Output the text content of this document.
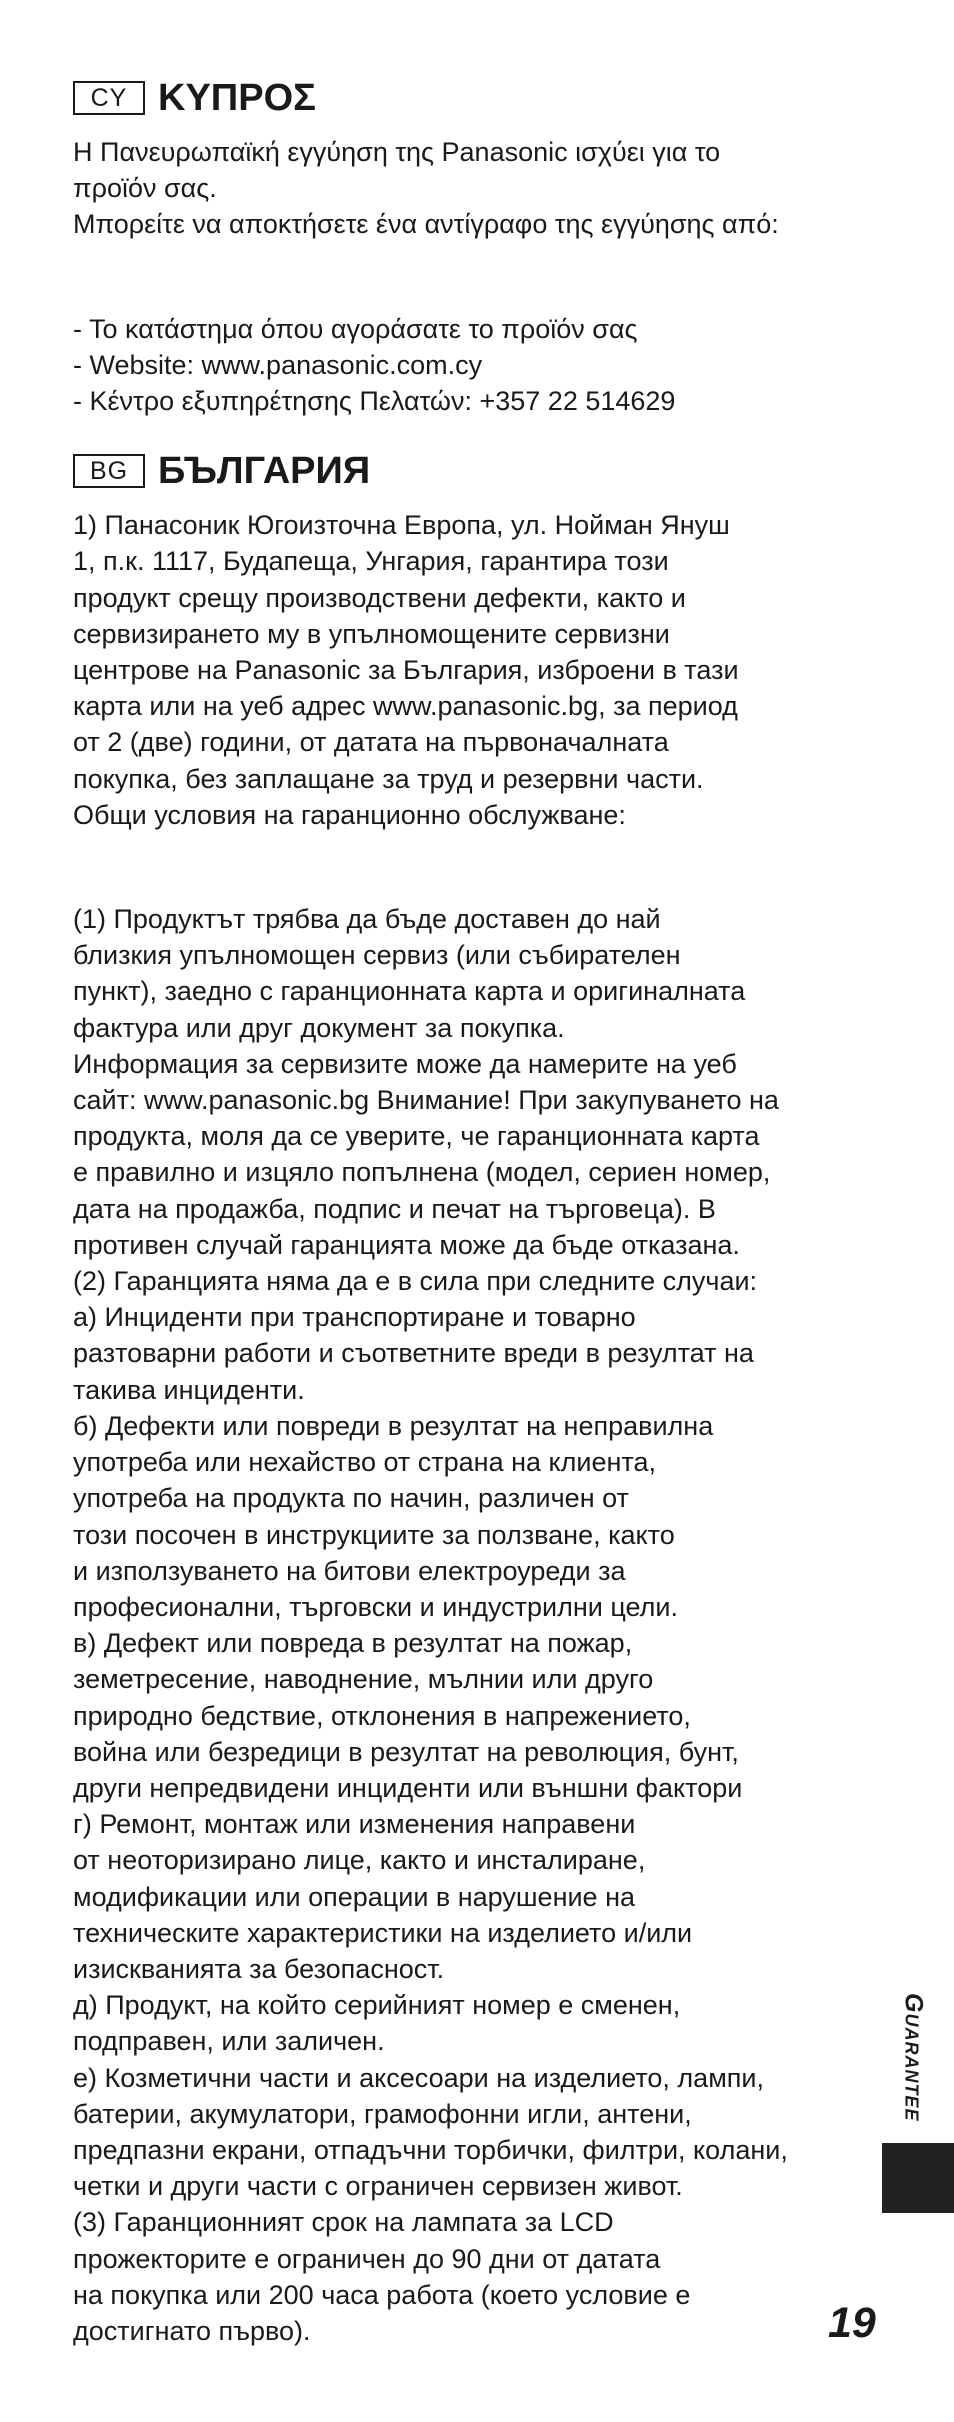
CY ΚΥΠΡΟΣ

Η Πανευρωπαϊκή εγγύηση της Panasonic ισχύει για το

προϊόν σας.

Μπορείτε να αποκτήσετε ένα αντίγραφο της εγγύησης από:

- Το κατάστημα όπου αγοράσατε το προϊόν σας

- Website: www.panasonic.com.cy

- Κέντρο εξυπηρέτησης Πελατών: +357 22 514629

BG БЪЛГАРИЯ

1) Панасоник Югоизточна Европа, ул. Нойман Януш

1, п.к. 1117, Будапеща, Унгария, гарантира този

продукт срещу производствени дефекти, както и

сервизирането му в упълномощените сервизни

центрове на Panasonic за България, изброени в тази

карта или на уеб адрес www.panasonic.bg, за период

от 2 (две) години, от датата на първоначалната

покупка, без заплащане за труд и резервни части.

Общи условия на гаранционно обслужване:

(1) Продуктът трябва да бъде доставен до най

близкия упълномощен сервиз (или събирателен

пункт), заедно с гаранционната карта и оригиналната

фактура или друг документ за покупка.

Информация за сервизите може да намерите на уеб

сайт: www.panasonic.bg Внимание! При закупуването на

продукта, моля да се уверите, че гаранционната карта

е правилно и изцяло попълнена (модел, сериен номер,

дата на продажба, подпис и печат на търговеца). В

противен случай гаранцията може да бъде отказана.

(2) Гаранцията няма да е в сила при следните случаи:

а) Инциденти при транспортиране и товарно

разтоварни работи и съответните вреди в резултат на

такива инциденти.

б) Дефекти или повреди в резултат на неправилна

употреба или нехайство от страна на клиента,

употреба на продукта по начин, различен от

този посочен в инструкциите за ползване, както

и използуването на битови електроуреди за

професионални, търговски и индустрилни цели.

в) Дефект или повреда в резултат на пожар,

земетресение, наводнение, мълнии или друго

природно бедствие, отклонения в напрежението,

война или безредици в резултат на революция, бунт,

други непредвидени инциденти или външни фактори

г) Ремонт, монтаж или изменения направени

от неоторизирано лице, както и инсталиране,

модификации или операции в нарушение на

техническите характеристики на изделието и/или

изискванията за безопасност.

д) Продукт, на който серийният номер е сменен,

подправен, или заличен.

е) Козметични части и аксесоари на изделието, лампи,

батерии, акумулатори, грамофонни игли, антени,

предпазни екрани, отпадъчни торбички, филтри, колани,

четки и други части с ограничен сервизен живот.

(3) Гаранционният срок на лампата за LCD

прожекторите е ограничен до 90 дни от датата

на покупка или 200 часа работа (което условие е

достигнато първо).

Guarantee
19
